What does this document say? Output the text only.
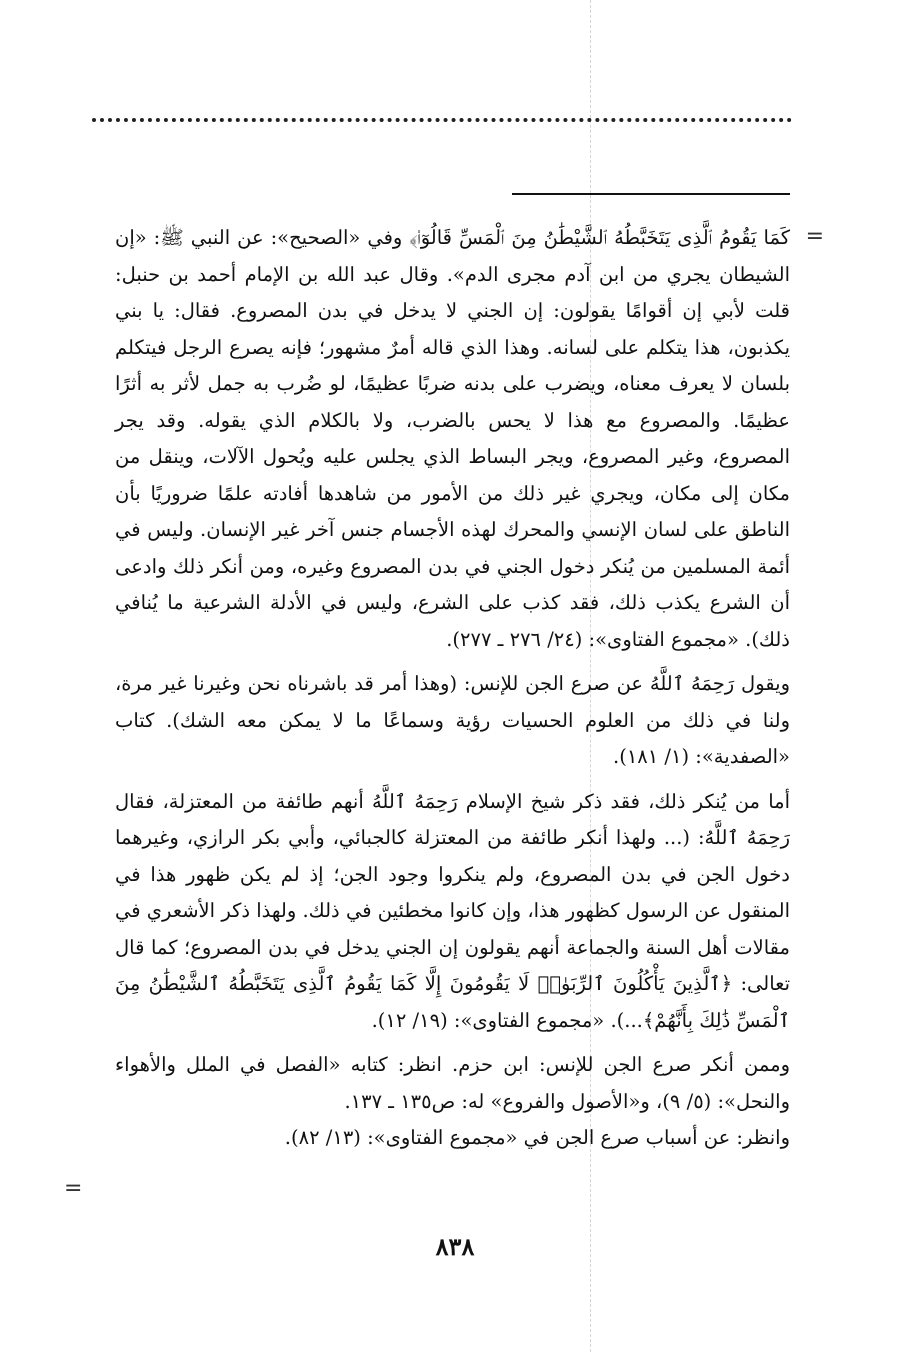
=

كَمَا يَقُومُ ٱلَّذِى يَتَخَبَّطُهُ ٱلشَّيْطَٰنُ مِنَ ٱلْمَسِّ قَالُوٓا۟﴾ وفي «الصحيح»: عن النبي ﷺ: «إن الشيطان يجري من ابن آدم مجرى الدم». وقال عبد الله بن الإمام أحمد بن حنبل: قلت لأبي إن أقوامًا يقولون: إن الجني لا يدخل في بدن المصروع. فقال: يا بني يكذبون، هذا يتكلم على لسانه. وهذا الذي قاله أمرٌ مشهور؛ فإنه يصرع الرجل فيتكلم بلسان لا يعرف معناه، ويضرب على بدنه ضربًا عظيمًا، لو ضُرب به جمل لأثر به أثرًا عظيمًا. والمصروع مع هذا لا يحس بالضرب، ولا بالكلام الذي يقوله. وقد يجر المصروع، وغير المصروع، ويجر البساط الذي يجلس عليه ويُحول الآلات، وينقل من مكان إلى مكان، ويجري غير ذلك من الأمور من شاهدها أفادته علمًا ضروريًا بأن الناطق على لسان الإنسي والمحرك لهذه الأجسام جنس آخر غير الإنسان. وليس في أئمة المسلمين من يُنكر دخول الجني في بدن المصروع وغيره، ومن أنكر ذلك وادعى أن الشرع يكذب ذلك، فقد كذب على الشرع، وليس في الأدلة الشرعية ما يُنافي ذلك). «مجموع الفتاوى»: (٢٤/ ٢٧٦ ـ ٢٧٧).

ويقول رَحِمَهُ ٱللَّهُ عن صرع الجن للإنس: (وهذا أمر قد باشرناه نحن وغيرنا غير مرة، ولنا في ذلك من العلوم الحسيات رؤية وسماعًا ما لا يمكن معه الشك). كتاب «الصفدية»: (١/ ١٨١).

أما من يُنكر ذلك، فقد ذكر شيخ الإسلام رَحِمَهُ ٱللَّهُ أنهم طائفة من المعتزلة، فقال رَحِمَهُ ٱللَّهُ: (... ولهذا أنكر طائفة من المعتزلة كالجبائي، وأبي بكر الرازي، وغيرهما دخول الجن في بدن المصروع، ولم ينكروا وجود الجن؛ إذ لم يكن ظهور هذا في المنقول عن الرسول كظهور هذا، وإن كانوا مخطئين في ذلك. ولهذا ذكر الأشعري في مقالات أهل السنة والجماعة أنهم يقولون إن الجني يدخل في بدن المصروع؛ كما قال تعالى: ﴿ٱلَّذِينَ يَأْكُلُونَ ٱلرِّبَوٰا۟ لَا يَقُومُونَ إِلَّا كَمَا يَقُومُ ٱلَّذِى يَتَخَبَّطُهُ ٱلشَّيْطَٰنُ مِنَ ٱلْمَسِّ ذَٰلِكَ بِأَنَّهُمْ﴾...). «مجموع الفتاوى»: (١٩/ ١٢).

وممن أنكر صرع الجن للإنس: ابن حزم. انظر: كتابه «الفصل في الملل والأهواء والنحل»: (٥/ ٩)، و«الأصول والفروع» له: ص١٣٥ ـ ١٣٧.

وانظر: عن أسباب صرع الجن في «مجموع الفتاوى»: (١٣/ ٨٢).

=
٨٣٨
